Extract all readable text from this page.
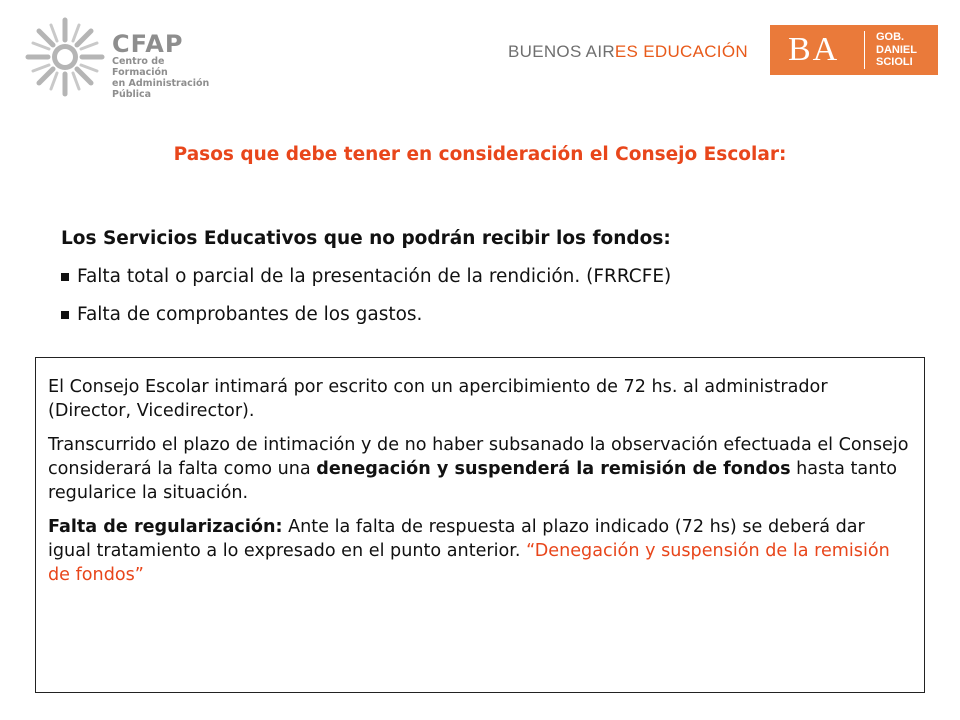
CFAP
Centro de Formación
en Administración Pública
BUENOS AIRES EDUCACIÓN BA	GOB.
DANIEL
SCIOLI
Pasos que debe tener en consideración el Consejo Escolar:
Los Servicios Educativos que no podrán recibir los fondos:
Falta total o parcial de la presentación de la rendición. (FRRCFE)
Falta de comprobantes de los gastos.

El Consejo Escolar intimará por escrito con un apercibimiento de 72 hs. al administrador (Director, Vicedirector).

Transcurrido el plazo de intimación y de no haber subsanado la observación efectuada el Consejo considerará la falta como una denegación y suspenderá la remisión de fondos hasta tanto regularice la situación.

Falta de regularización: Ante la falta de respuesta al plazo indicado (72 hs) se deberá dar igual tratamiento a lo expresado en el punto anterior. “Denegación y suspensión de la remisión de fondos”
